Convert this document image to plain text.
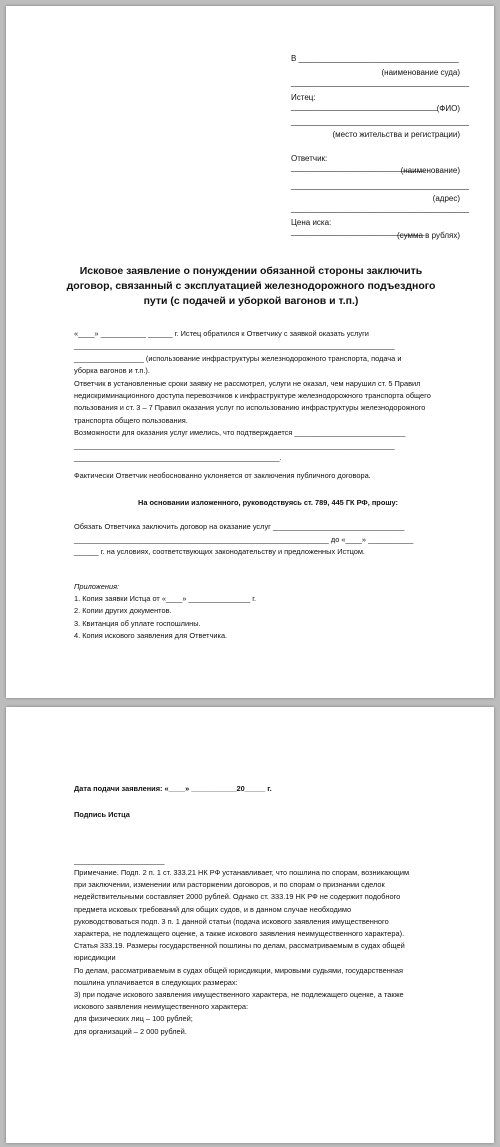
В ____________________________________
(наименование суда)
________________________________________
Истец: _________________________________
(ФИО)
________________________________________
(место жительства и регистрации)
Ответчик: ______________________________
(наименование)
________________________________________
(адрес)
________________________________________
Цена иска: ______________________________
(сумма в рублях)
Исковое заявление о понуждении обязанной стороны заключить договор, связанный с эксплуатацией железнодорожного подъездного пути (с подачей и уборкой вагонов и т.п.)

«____» ___________ ______ г. Истец обратился к Ответчику с заявкой оказать услуги

______________________________________________________________________________

_________________ (использование инфраструктуры железнодорожного транспорта, подача и

уборка вагонов и т.п.).

Ответчик в установленные сроки заявку не рассмотрел, услуги не оказал, чем нарушил ст. 5 Правил недискриминационного доступа перевозчиков к инфраструктуре железнодорожного транспорта общего пользования и ст. 3 – 7 Правил оказания услуг по использованию инфраструктуры железнодорожного транспорта общего пользования.

Возможности для оказания услуг имелись, что подтверждается ___________________________

______________________________________________________________________________

__________________________________________________.

Фактически Ответчик необоснованно уклоняется от заключения публичного договора.

На основании изложенного, руководствуясь ст. 789, 445 ГК РФ, прошу:

Обязать Ответчика заключить договор на оказание услуг ________________________________

______________________________________________________________ до «____» ___________

______ г. на условиях, соответствующих законодательству и предложенных Истцом.

Приложения:

1. Копия заявки Истца от «____» _______________ г.

2. Копии других документов.

3. Квитанция об уплате госпошлины.

4. Копия искового заявления для Ответчика.

Дата подачи заявления: «____» ___________20_____ г.
Подпись Истца
______________________

Примечание. Подп. 2 п. 1 ст. 333.21 НК РФ устанавливает, что пошлина по спорам, возникающим

при заключении, изменении или расторжении договоров, и по спорам о признании сделок

недействительными составляет 2000 рублей. Однако ст. 333.19 НК РФ не содержит подобного

предмета исковых требований для общих судов, и в данном случае необходимо

руководствоваться подп. 3 п. 1 данной статьи (подача искового заявления имущественного

характера, не подлежащего оценке, а также искового заявления неимущественного характера).

Статья 333.19. Размеры государственной пошлины по делам, рассматриваемым в судах общей

юрисдикции

По делам, рассматриваемым в судах общей юрисдикции, мировыми судьями, государственная

пошлина уплачивается в следующих размерах:

3) при подаче искового заявления имущественного характера, не подлежащего оценке, а также

искового заявления неимущественного характера:

для физических лиц – 100 рублей;

для организаций – 2 000 рублей.
